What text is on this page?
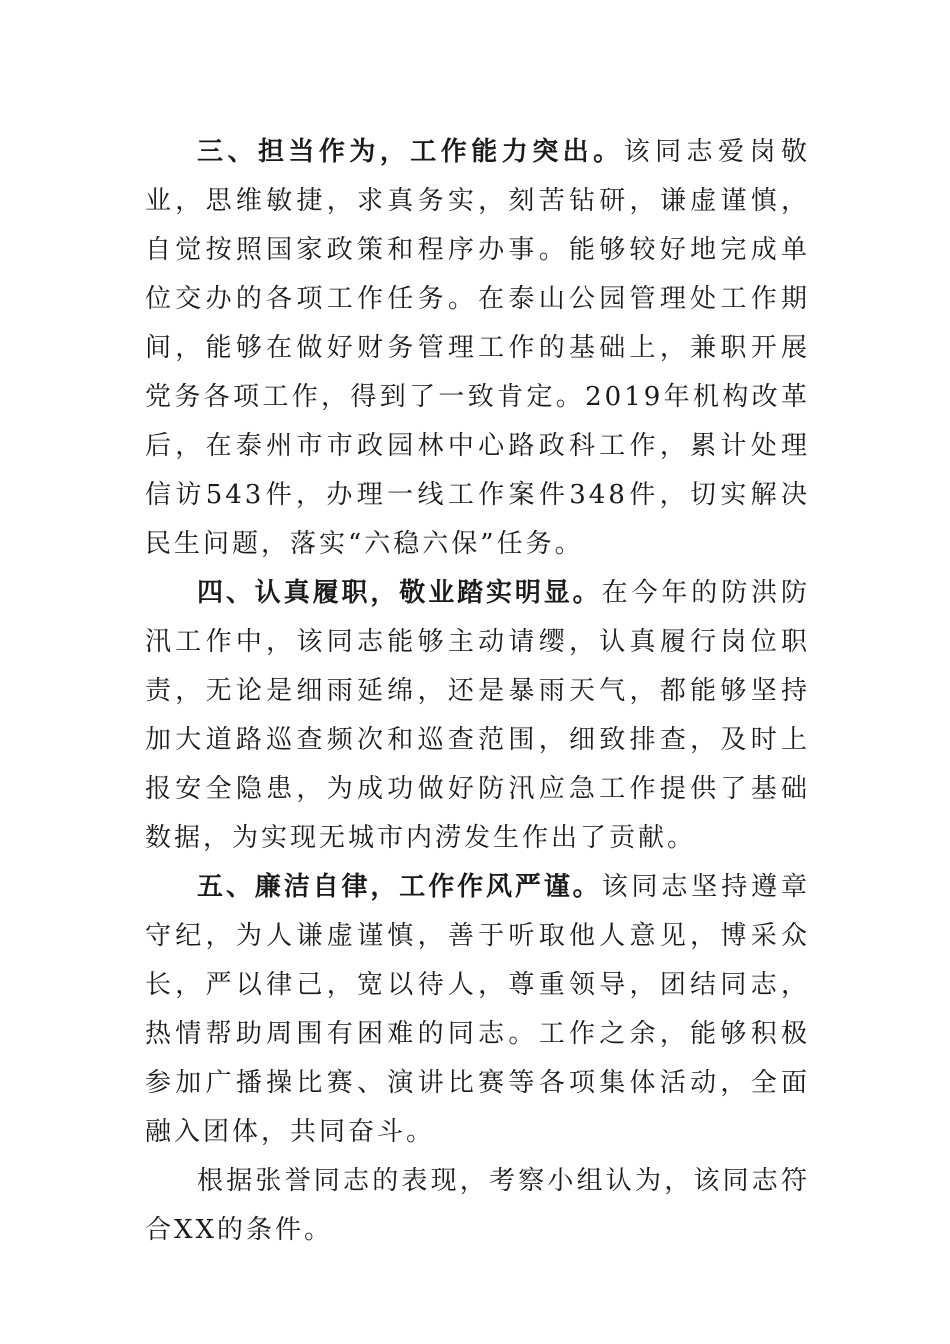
三、担当作为，工作能力突出。该同志爱岗敬业，思维敏捷，求真务实，刻苦钻研，谦虚谨慎，自觉按照国家政策和程序办事。能够较好地完成单位交办的各项工作任务。在泰山公园管理处工作期间，能够在做好财务管理工作的基础上，兼职开展党务各项工作，得到了一致肯定。2019年机构改革后，在泰州市市政园林中心路政科工作，累计处理信访543件，办理一线工作案件348件，切实解决民生问题，落实“六稳六保”任务。

四、认真履职，敬业踏实明显。在今年的防洪防汛工作中，该同志能够主动请缨，认真履行岗位职责，无论是细雨延绵，还是暴雨天气，都能够坚持加大道路巡查频次和巡查范围，细致排查，及时上报安全隐患，为成功做好防汛应急工作提供了基础数据，为实现无城市内涝发生作出了贡献。

五、廉洁自律，工作作风严谨。该同志坚持遵章守纪，为人谦虚谨慎，善于听取他人意见，博采众长，严以律己，宽以待人，尊重领导，团结同志，热情帮助周围有困难的同志。工作之余，能够积极参加广播操比赛、演讲比赛等各项集体活动，全面融入团体，共同奋斗。

根据张誉同志的表现，考察小组认为，该同志符合XX的条件。
